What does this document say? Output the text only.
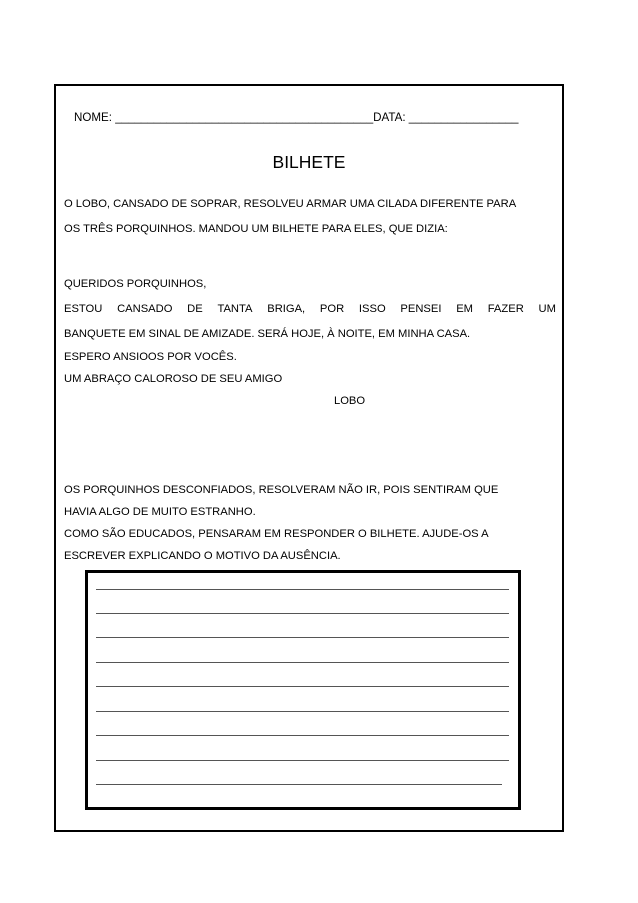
NOME: ________________________________________DATA: _________________
BILHETE
O LOBO, CANSADO DE SOPRAR, RESOLVEU ARMAR UMA CILADA DIFERENTE PARA
OS TRÊS PORQUINHOS. MANDOU UM BILHETE PARA ELES, QUE DIZIA:
QUERIDOS PORQUINHOS,
ESTOU CANSADO DE TANTA BRIGA, POR ISSO PENSEI EM FAZER UM
BANQUETE EM SINAL DE AMIZADE. SERÁ HOJE, À NOITE, EM MINHA CASA.
ESPERO ANSIOOS POR VOCÊS.
UM ABRAÇO CALOROSO DE SEU AMIGO
LOBO
OS PORQUINHOS DESCONFIADOS, RESOLVERAM NÃO IR, POIS SENTIRAM QUE
HAVIA ALGO DE MUITO ESTRANHO.
COMO SÃO EDUCADOS, PENSARAM EM RESPONDER O BILHETE. AJUDE-OS A
ESCREVER EXPLICANDO O MOTIVO DA AUSÊNCIA.
